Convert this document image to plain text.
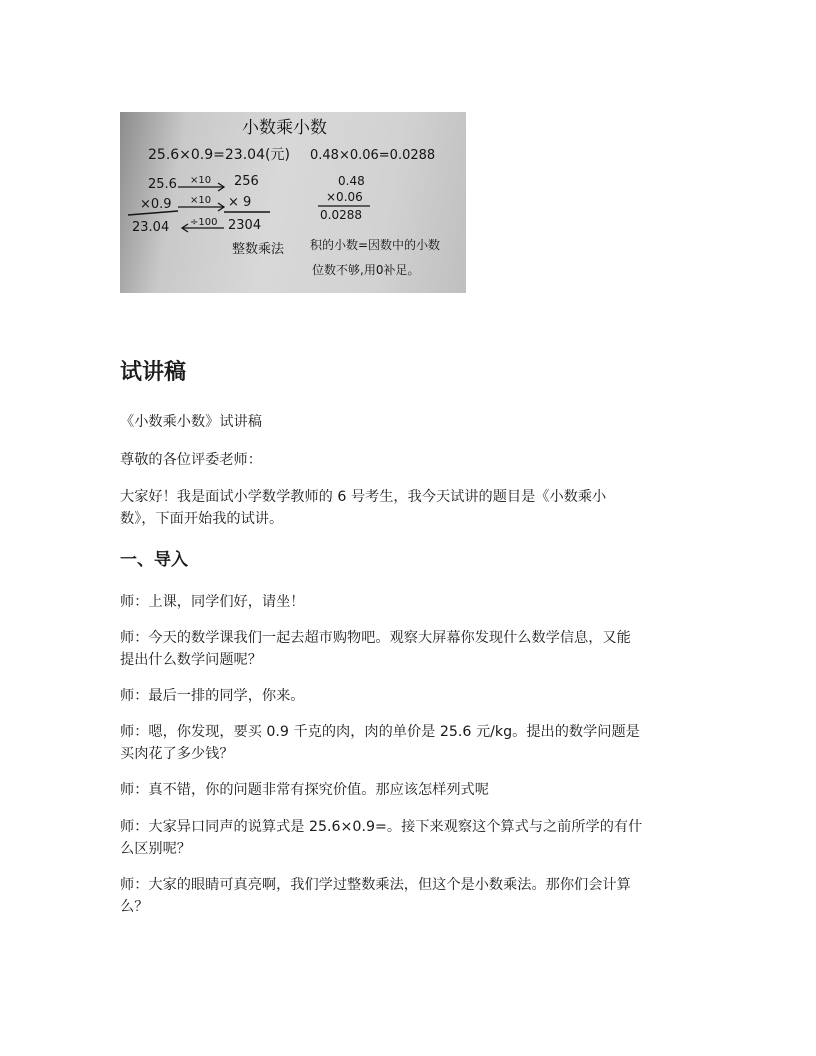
小数乘小数
25.6×0.9=23.04(元) 0.48×0.06=0.0288
25.6
×0.9
23.04
×10
×10
÷100
256
× 9
2304
整数乘法
0.48
×0.06
0.0288
积的小数=因数中的小数
位数不够,用0补足。
试讲稿

《小数乘小数》试讲稿

尊敬的各位评委老师：

大家好！我是面试小学数学教师的 6 号考生，我今天试讲的题目是《小数乘小

数》，下面开始我的试讲。

一、导入

师：上课，同学们好，请坐！

师：今天的数学课我们一起去超市购物吧。观察大屏幕你发现什么数学信息，又能

提出什么数学问题呢？

师：最后一排的同学，你来。

师：嗯，你发现，要买 0.9 千克的肉，肉的单价是 25.6 元/kg。提出的数学问题是

买肉花了多少钱？

师：真不错，你的问题非常有探究价值。那应该怎样列式呢

师：大家异口同声的说算式是 25.6×0.9=。接下来观察这个算式与之前所学的有什

么区别呢？

师：大家的眼睛可真亮啊，我们学过整数乘法，但这个是小数乘法。那你们会计算

么？
